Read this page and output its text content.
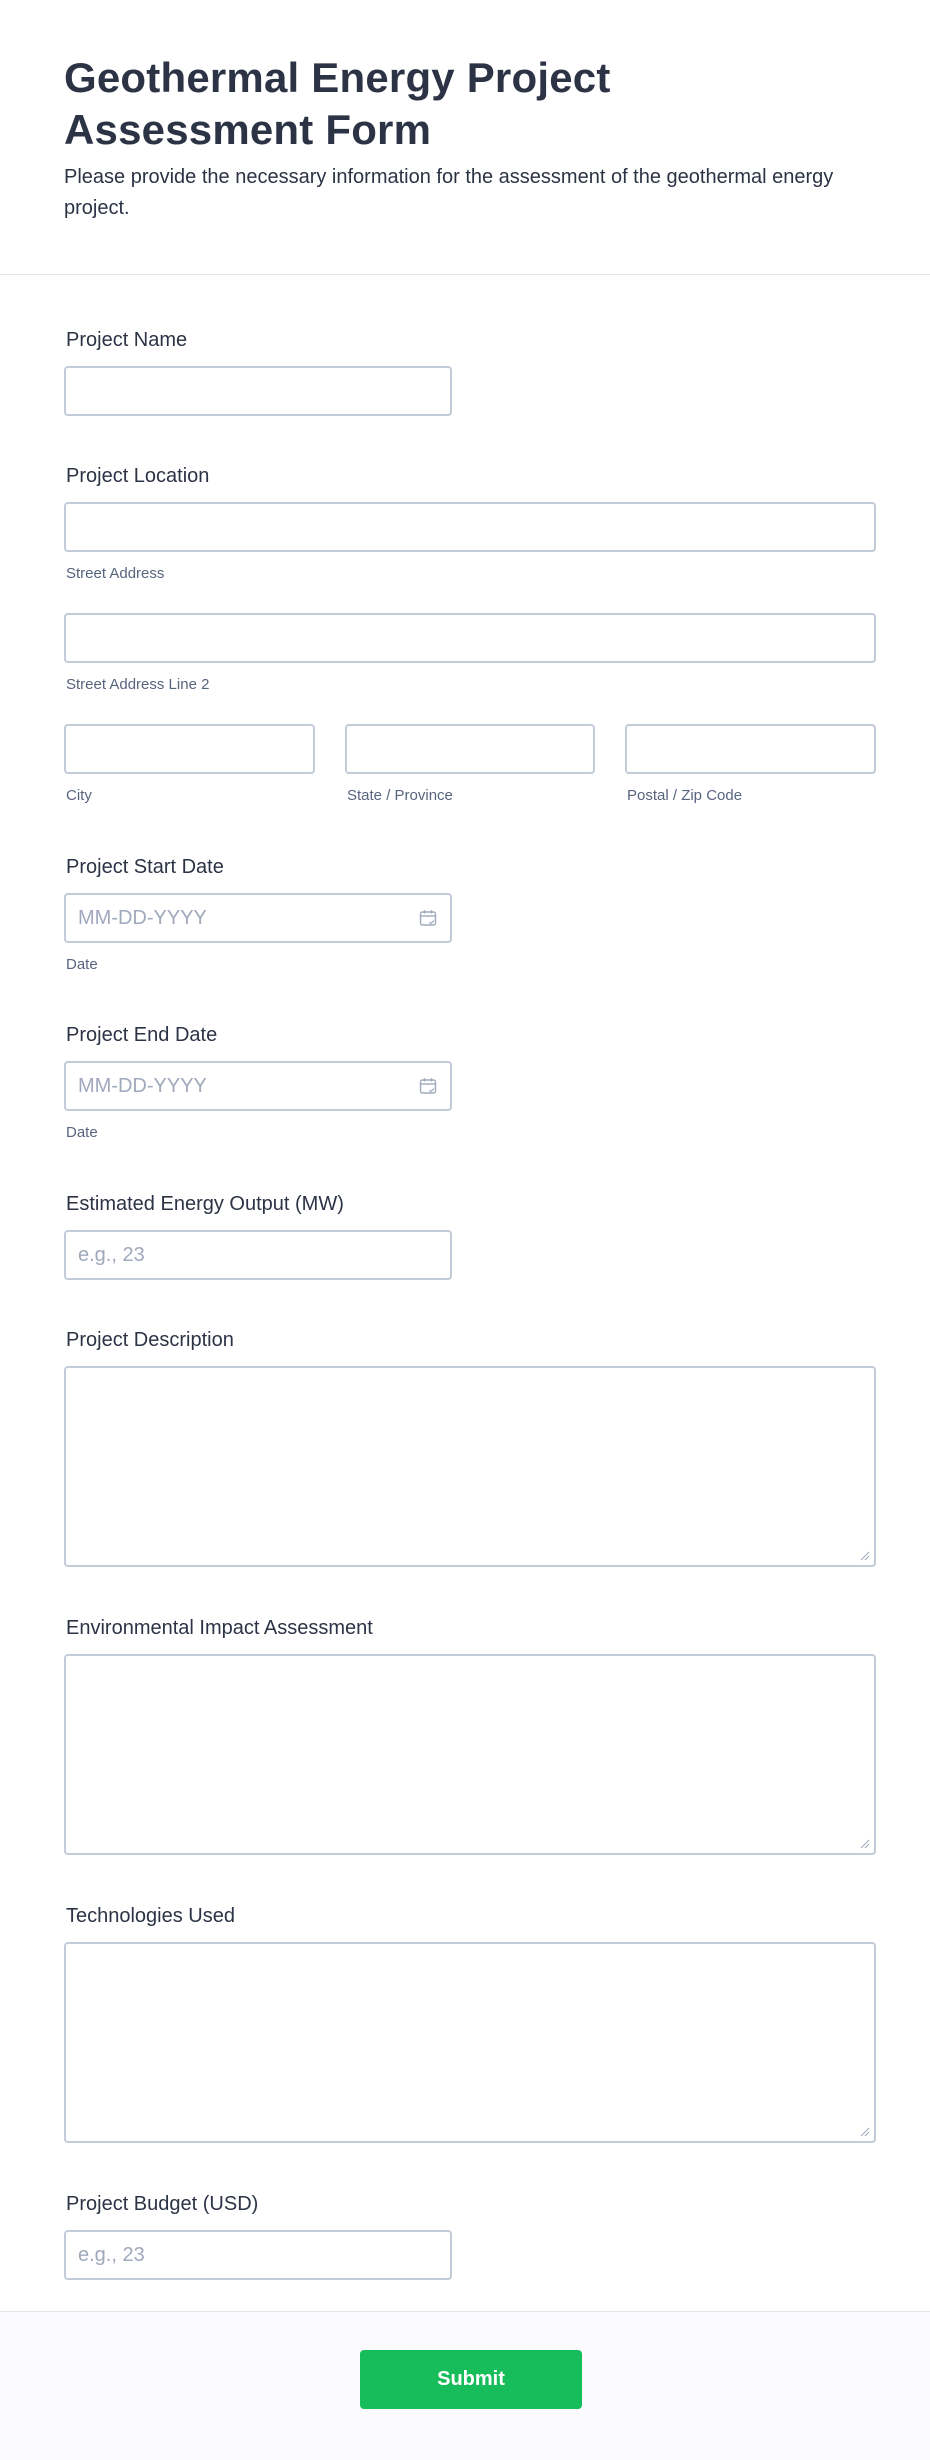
Geothermal Energy Project Assessment Form

Please provide the necessary information for the assessment of the geothermal energy project.

Project Name
Project Location
Street Address
Street Address Line 2
City	State / Province	Postal / Zip Code
Project Start Date
MM-DD-YYYY
Date
Project End Date
MM-DD-YYYY
Date
Estimated Energy Output (MW)
e.g., 23
Project Description
Environmental Impact Assessment
Technologies Used
Project Budget (USD)
e.g., 23
Submit
